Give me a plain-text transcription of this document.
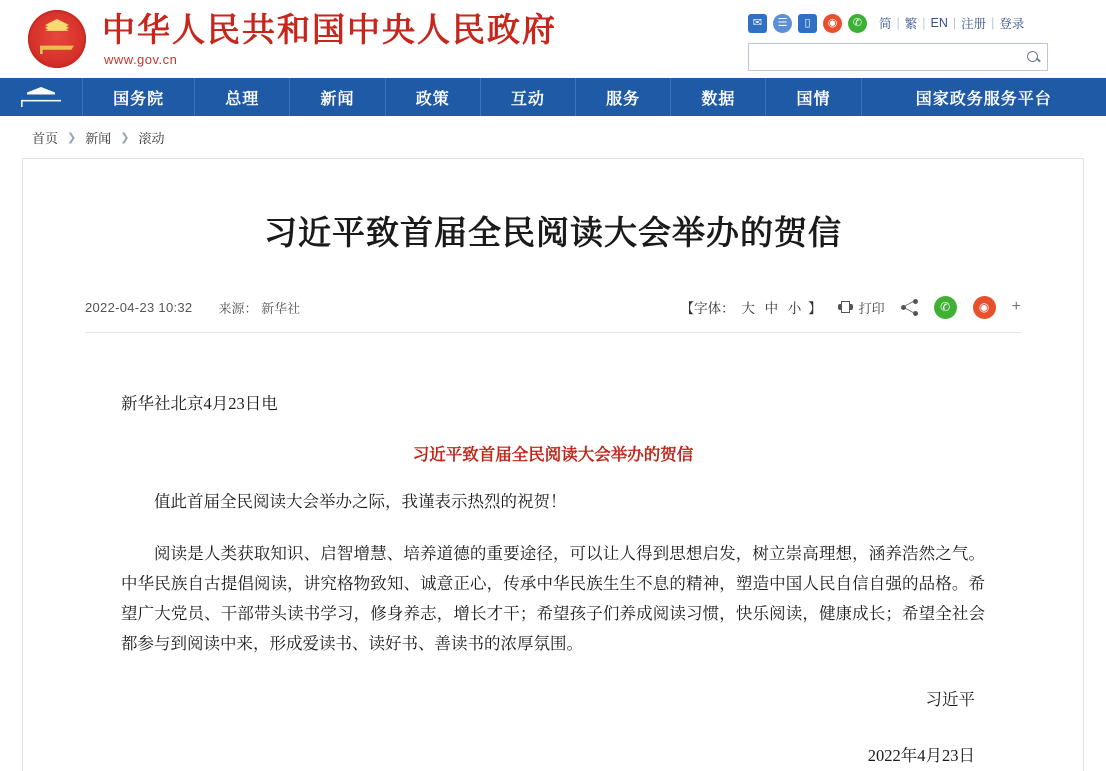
中华人民共和国中央人民政府
www.gov.cn
✉	☰	▯	◉	✆	简 | 繁 | EN | 注册 | 登录
国务院	总理	新闻	政策	互动	服务	数据	国情	国家政务服务平台
首页 ❯ 新闻 ❯ 滚动
习近平致首届全民阅读大会举办的贺信
2022-04-23 10:32 来源： 新华社	【字体： 大 中 小 】	打印	✆	◉	+
新华社北京4月23日电
习近平致首届全民阅读大会举办的贺信
值此首届全民阅读大会举办之际，我谨表示热烈的祝贺！
阅读是人类获取知识、启智增慧、培养道德的重要途径，可以让人得到思想启发，树立崇高理想，涵养浩然之气。中华民族自古提倡阅读，讲究格物致知、诚意正心，传承中华民族生生不息的精神，塑造中国人民自信自强的品格。希望广大党员、干部带头读书学习，修身养志，增长才干；希望孩子们养成阅读习惯，快乐阅读，健康成长；希望全社会都参与到阅读中来，形成爱读书、读好书、善读书的浓厚氛围。
习近平
2022年4月23日
